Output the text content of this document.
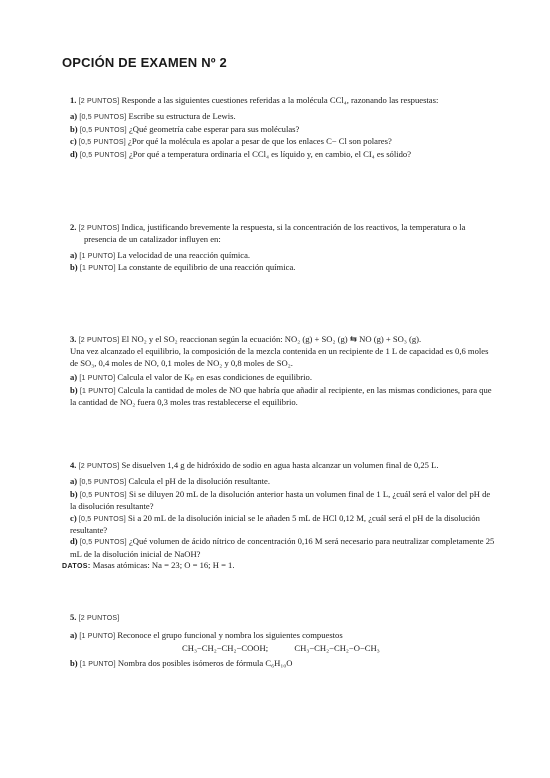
OPCIÓN DE EXAMEN Nº 2
1. [2 PUNTOS] Responde a las siguientes cuestiones referidas a la molécula CCl₄, razonando las respuestas:
a) [0,5 PUNTOS] Escribe su estructura de Lewis.
b) [0,5 PUNTOS] ¿Qué geometría cabe esperar para sus moléculas?
c) [0,5 PUNTOS] ¿Por qué la molécula es apolar a pesar de que los enlaces C− Cl son polares?
d) [0,5 PUNTOS] ¿Por qué a temperatura ordinaria el CCl₄ es líquido y, en cambio, el CI₄ es sólido?
2. [2 PUNTOS] Indica, justificando brevemente la respuesta, si la concentración de los reactivos, la temperatura o la presencia de un catalizador influyen en:
a) [1 PUNTO] La velocidad de una reacción química.
b) [1 PUNTO] La constante de equilibrio de una reacción química.
3. [2 PUNTOS] El NO₂ y el SO₂ reaccionan según la ecuación: NO₂ (g) + SO₂ (g) ⇆ NO (g) + SO₃ (g).
Una vez alcanzado el equilibrio, la composición de la mezcla contenida en un recipiente de 1 L de capacidad es 0,6 moles de SO₃, 0,4 moles de NO, 0,1 moles de NO₂ y 0,8 moles de SO₂.
a) [1 PUNTO] Calcula el valor de Kₚ en esas condiciones de equilibrio.
b) [1 PUNTO] Calcula la cantidad de moles de NO que habría que añadir al recipiente, en las mismas condiciones, para que la cantidad de NO₂ fuera 0,3 moles tras restablecerse el equilibrio.
4. [2 PUNTOS] Se disuelven 1,4 g de hidróxido de sodio en agua hasta alcanzar un volumen final de 0,25 L.
a) [0,5 PUNTOS] Calcula el pH de la disolución resultante.
b) [0,5 PUNTOS] Si se diluyen 20 mL de la disolución anterior hasta un volumen final de 1 L, ¿cuál será el valor del pH de la disolución resultante?
c) [0,5 PUNTOS] Si a 20 mL de la disolución inicial se le añaden 5 mL de HCl 0,12 M, ¿cuál será el pH de la disolución resultante?
d) [0,5 PUNTOS] ¿Qué volumen de ácido nítrico de concentración 0,16 M será necesario para neutralizar completamente 25 mL de la disolución inicial de NaOH?
DATOS: Masas atómicas: Na = 23; O = 16; H = 1.
5. [2 PUNTOS]
a) [1 PUNTO] Reconoce el grupo funcional y nombra los siguientes compuestos
CH₃−CH₂−CH₂−COOH;	CH₃−CH₂−CH₂−O−CH₃
b) [1 PUNTO] Nombra dos posibles isómeros de fórmula C₆H₁₀O
